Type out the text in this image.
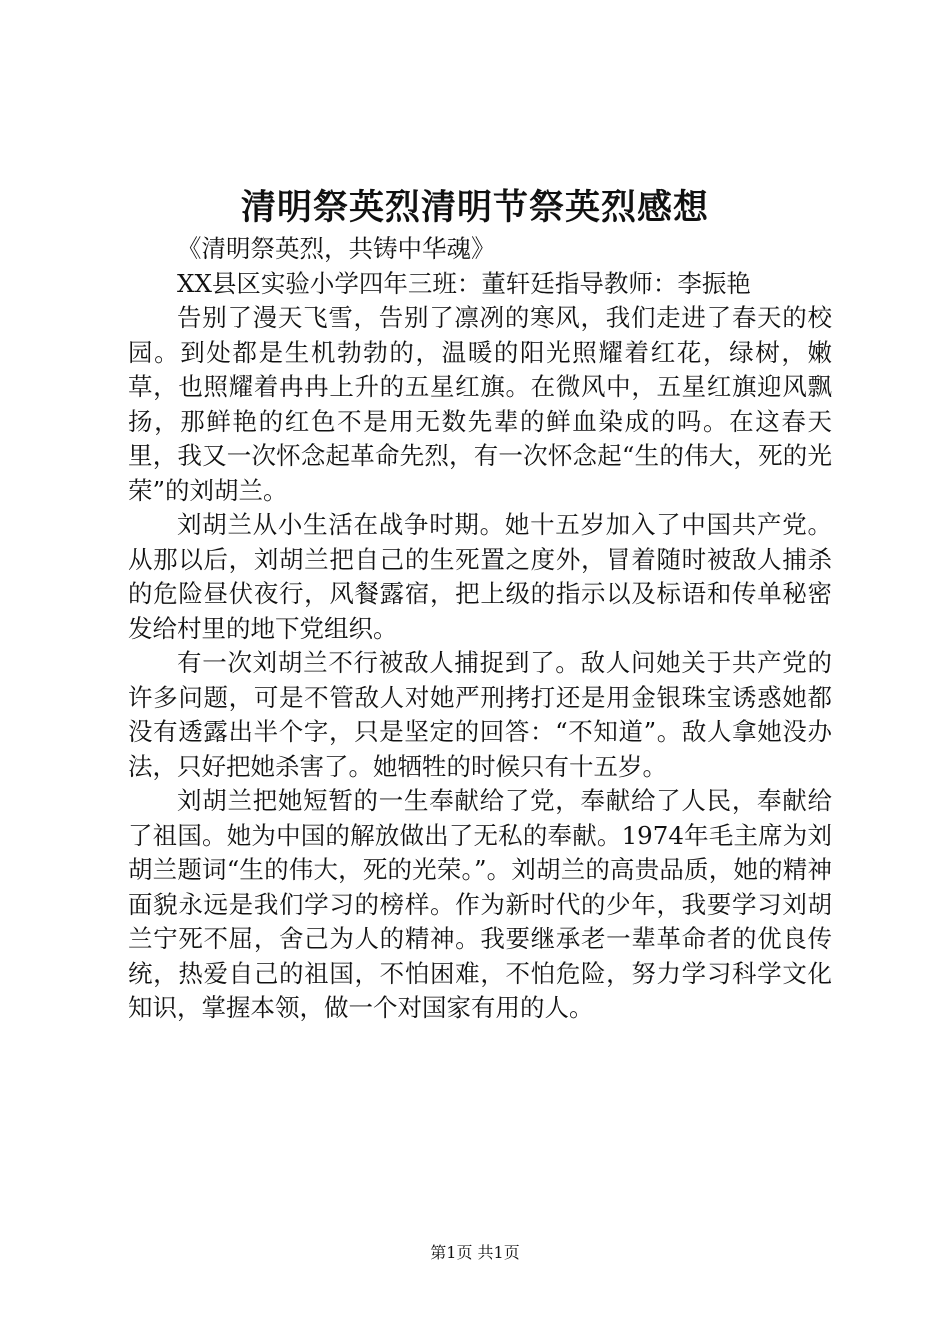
清明祭英烈清明节祭英烈感想

《清明祭英烈，共铸中华魂》

XX县区实验小学四年三班：董轩廷指导教师：李振艳

告别了漫天飞雪，告别了凛冽的寒风，我们走进了春天的校园。到处都是生机勃勃的，温暖的阳光照耀着红花，绿树，嫩草，也照耀着冉冉上升的五星红旗。在微风中，五星红旗迎风飘扬，那鲜艳的红色不是用无数先辈的鲜血染成的吗。在这春天里，我又一次怀念起革命先烈，有一次怀念起“生的伟大，死的光荣”的刘胡兰。

刘胡兰从小生活在战争时期。她十五岁加入了中国共产党。从那以后，刘胡兰把自己的生死置之度外，冒着随时被敌人捕杀的危险昼伏夜行，风餐露宿，把上级的指示以及标语和传单秘密发给村里的地下党组织。

有一次刘胡兰不行被敌人捕捉到了。敌人问她关于共产党的许多问题，可是不管敌人对她严刑拷打还是用金银珠宝诱惑她都没有透露出半个字，只是坚定的回答：“不知道”。敌人拿她没办法，只好把她杀害了。她牺牲的时候只有十五岁。

刘胡兰把她短暂的一生奉献给了党，奉献给了人民，奉献给了祖国。她为中国的解放做出了无私的奉献。1974年毛主席为刘胡兰题词“生的伟大，死的光荣。”。刘胡兰的高贵品质，她的精神面貌永远是我们学习的榜样。作为新时代的少年，我要学习刘胡兰宁死不屈，舍己为人的精神。我要继承老一辈革命者的优良传统，热爱自己的祖国，不怕困难，不怕危险，努力学习科学文化知识，掌握本领，做一个对国家有用的人。

第1页 共1页
